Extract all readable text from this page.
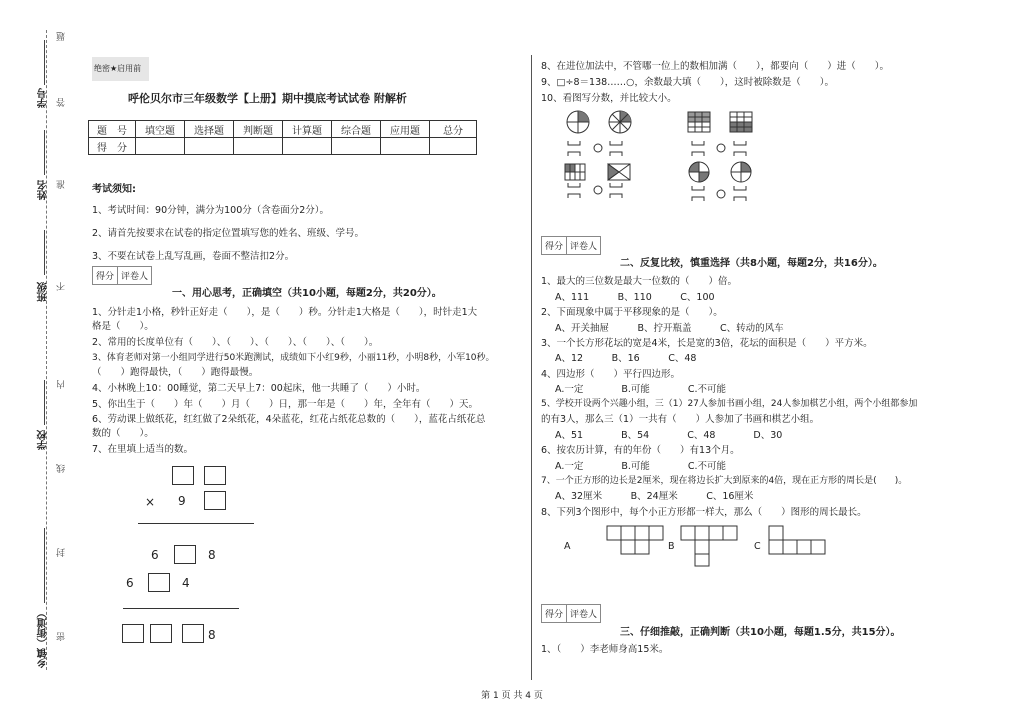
学号
姓名
班级
学校
乡镇（街道）
题
答
准
不
内
线
封
密
绝密★启用前
呼伦贝尔市三年级数学【上册】期中摸底考试试卷 附解析
题　号	填空题	选择题	判断题	计算题	综合题	应用题	总分
得　分							
考试须知:
1、考试时间：90分钟，满分为100分（含卷面分2分）。
2、请首先按要求在试卷的指定位置填写您的姓名、班级、学号。
3、不要在试卷上乱写乱画，卷面不整洁扣2分。
得分 评卷人
一、用心思考，正确填空（共10小题，每题2分，共20分）。
1、分针走1小格，秒针正好走（　　），是（　　）秒。分针走1大格是（　　），时针走1大
格是（　　）。
2、常用的长度单位有（　　）、（　　）、（　　）、（　　）、（　　）。
3、体育老师对第一小组同学进行50米跑测试，成绩如下小红9秒，小丽11秒，小明8秒，小军10秒。
（　　）跑得最快，（　　）跑得最慢。
4、小林晚上10：00睡觉，第二天早上7：00起床，他一共睡了（　　）小时。
5、你出生于（　　）年（　　）月（　　）日，那一年是（　　）年，全年有（　　）天。
6、劳动课上做纸花，红红做了2朵纸花，4朵蓝花，红花占纸花总数的（　　），蓝花占纸花总
数的（　　）。
7、在里填上适当的数。
× 9
6	8
6	4
8
8、在进位加法中，不管哪一位上的数相加满（　　），都要向（　　）进（　　）。
9、□÷8＝138……○，余数最大填（　　），这时被除数是（　　）。
10、看图写分数，并比较大小。
得分 评卷人
二、反复比较，慎重选择（共8小题，每题2分，共16分）。
1、最大的三位数是最大一位数的（　　）倍。
A、111　　　B、110　　　C、100
2、下面现象中属于平移现象的是（　　）。
A、开关抽屉　　　B、拧开瓶盖　　　C、转动的风车
3、一个长方形花坛的宽是4米，长是宽的3倍，花坛的面积是（　　）平方米。
A、12　　　B、16　　　C、48
4、四边形（　　）平行四边形。
A.一定　　　　B.可能　　　　C.不可能
5、学校开设两个兴趣小组，三（1）27人参加书画小组，24人参加棋艺小组，两个小组都参加
的有3人，那么三（1）一共有（　　）人参加了书画和棋艺小组。
A、51　　　　B、54　　　　C、48　　　　D、30
6、按农历计算，有的年份（　　）有13个月。
A.一定　　　　B.可能　　　　C.不可能
7、一个正方形的边长是2厘米，现在将边长扩大到原来的4倍，现在正方形的周长是(　　)。
A、32厘米　　　B、24厘米　　　C、16厘米
8、下列3个图形中，每个小正方形都一样大，那么（　　）图形的周长最长。
A	B	C
得分 评卷人
三、仔细推敲，正确判断（共10小题，每题1.5分，共15分）。
1、（　　）李老师身高15米。
第 1 页 共 4 页
